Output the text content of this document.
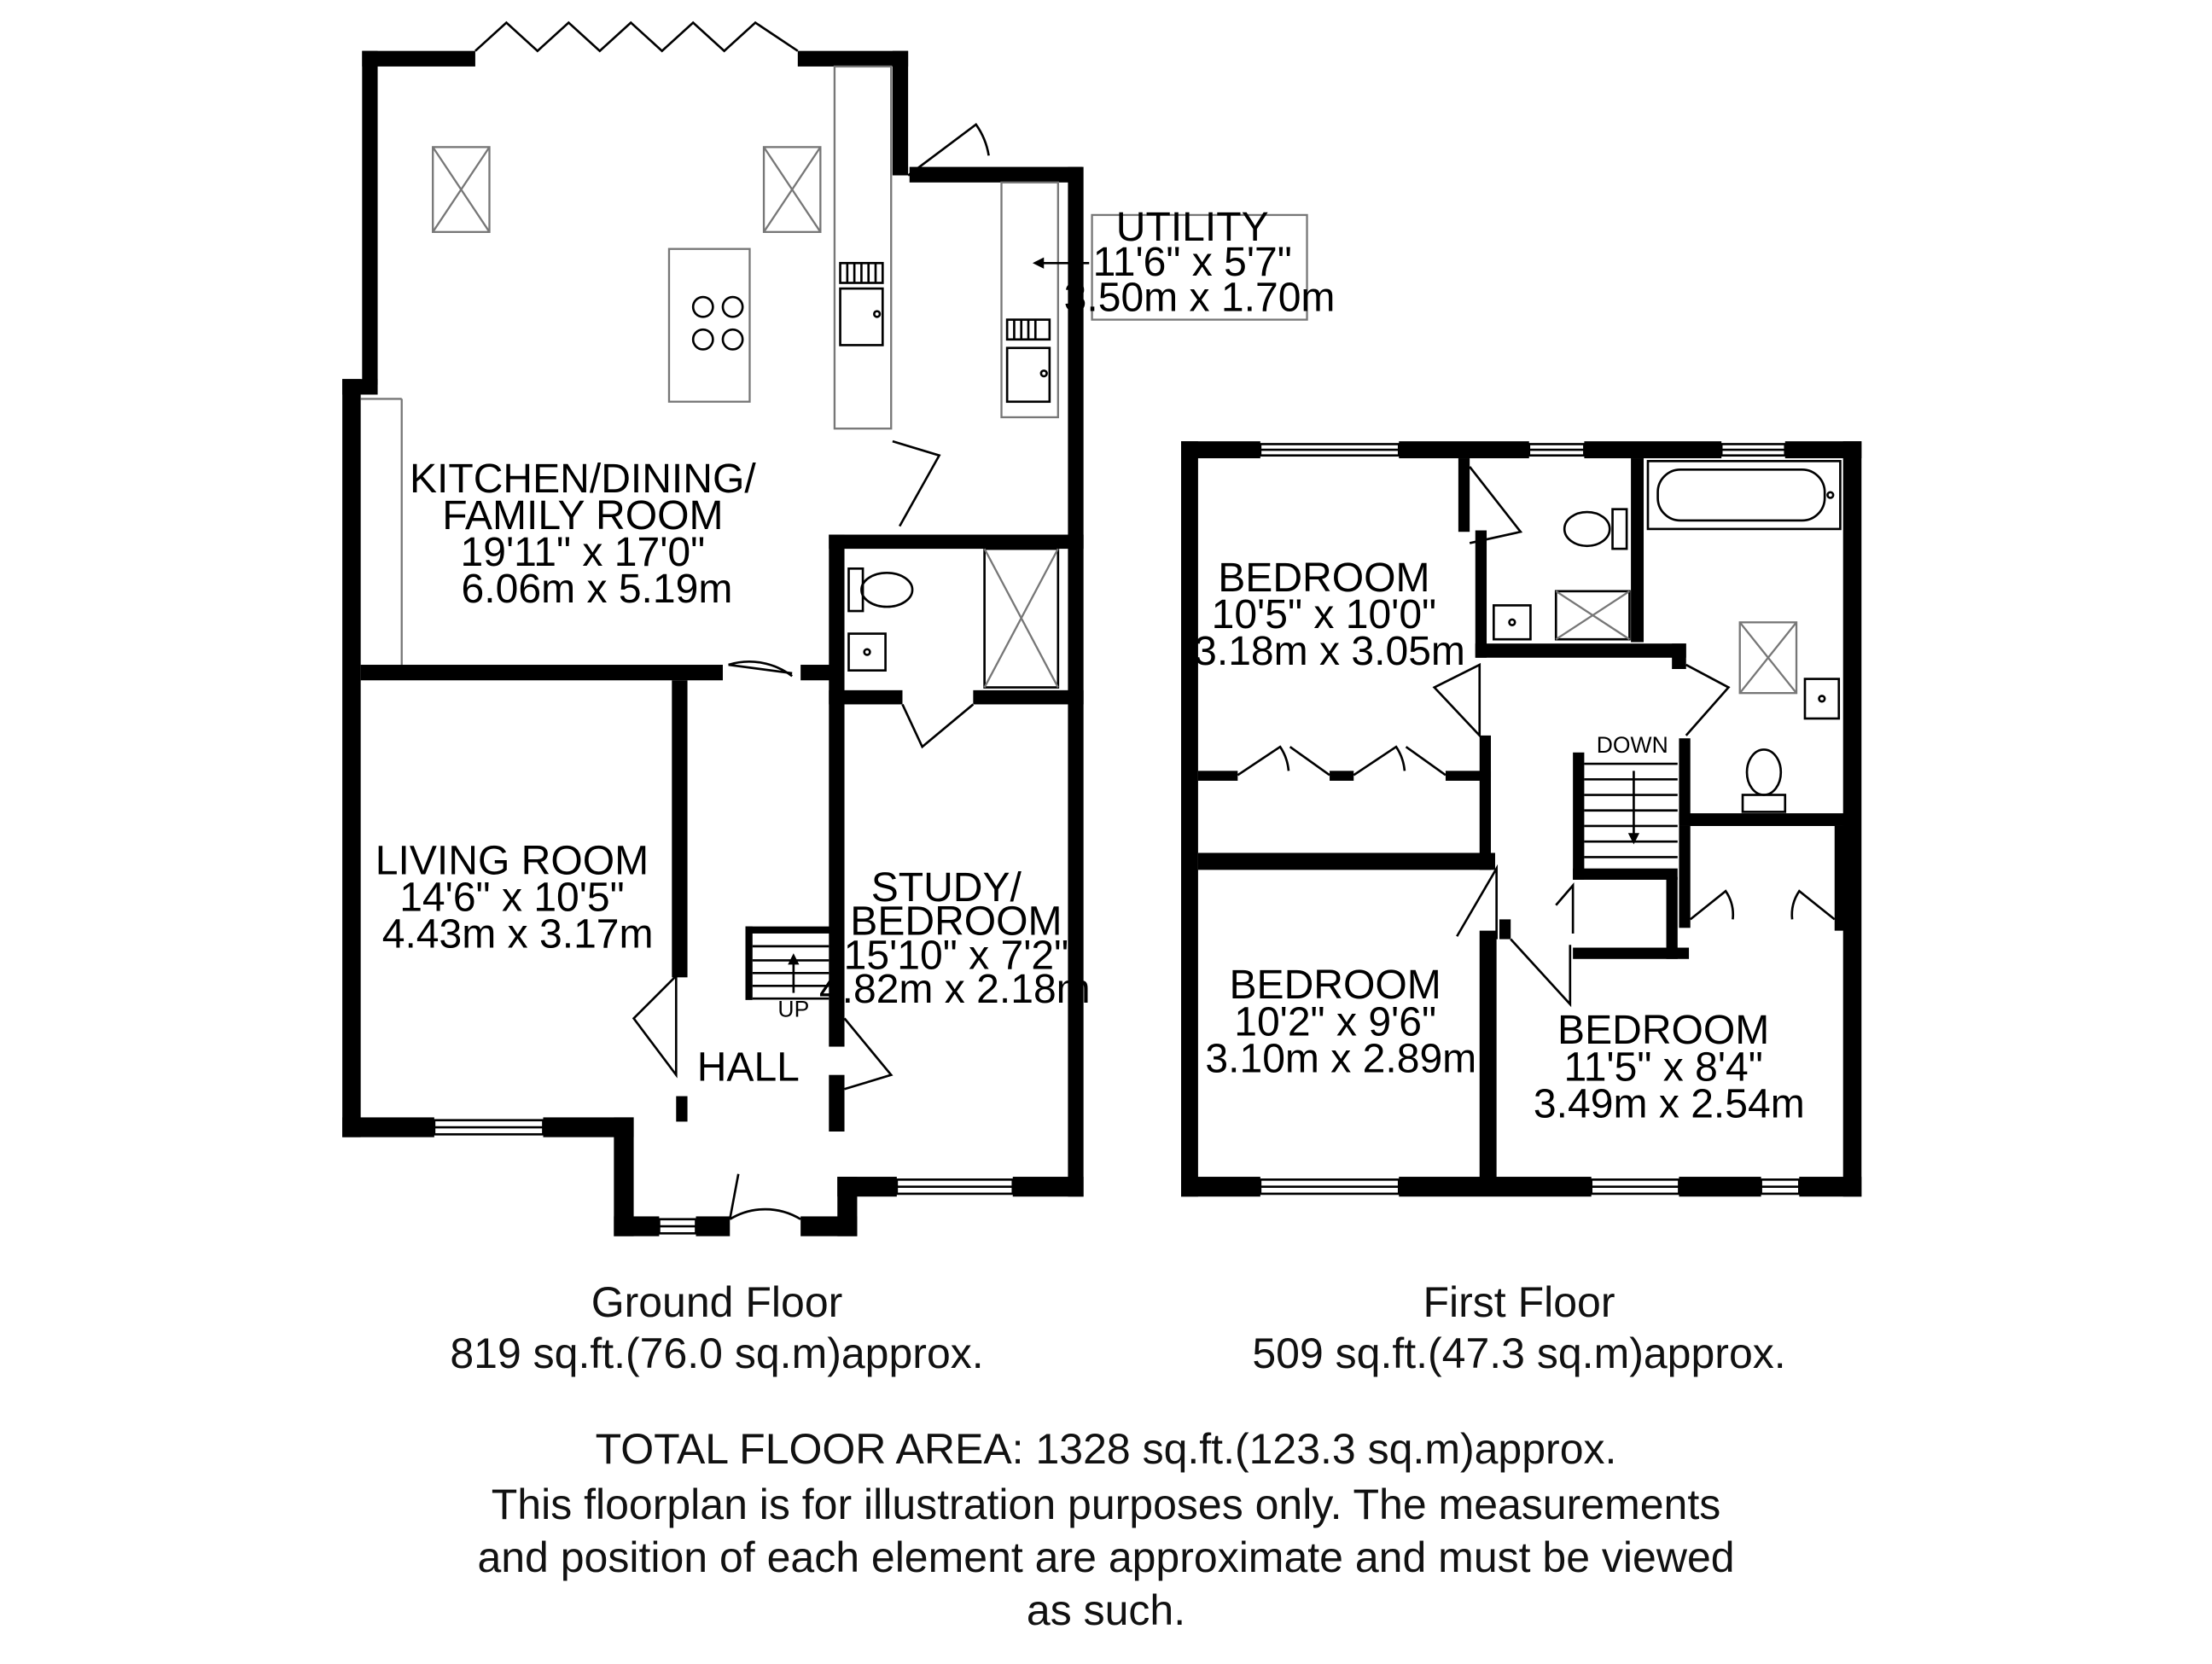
KITCHEN/DINING/ FAMILY ROOM 19'11" x 17'0" 6.06m x 5.19m
LIVING ROOM 14'6" x 10'5" 4.43m x 3.17m
STUDY/ BEDROOM 15'10" x 7'2" 4.82m x 2.18m
HALL
UTILITY 11'6" x 5'7" 3.50m x 1.70m
UP
BEDROOM 10'5" x 10'0" 3.18m x 3.05m
BEDROOM 10'2" x 9'6" 3.10m x 2.89m
BEDROOM 11'5" x 8'4" 3.49m x 2.54m
DOWN
Ground Floor
819 sq.ft.(76.0 sq.m)approx.
First Floor
509 sq.ft.(47.3 sq.m)approx.
TOTAL FLOOR AREA: 1328 sq.ft.(123.3 sq.m)approx.
This floorplan is for illustration purposes only. The measurements
and position of each element are approximate and must be viewed
as such.
